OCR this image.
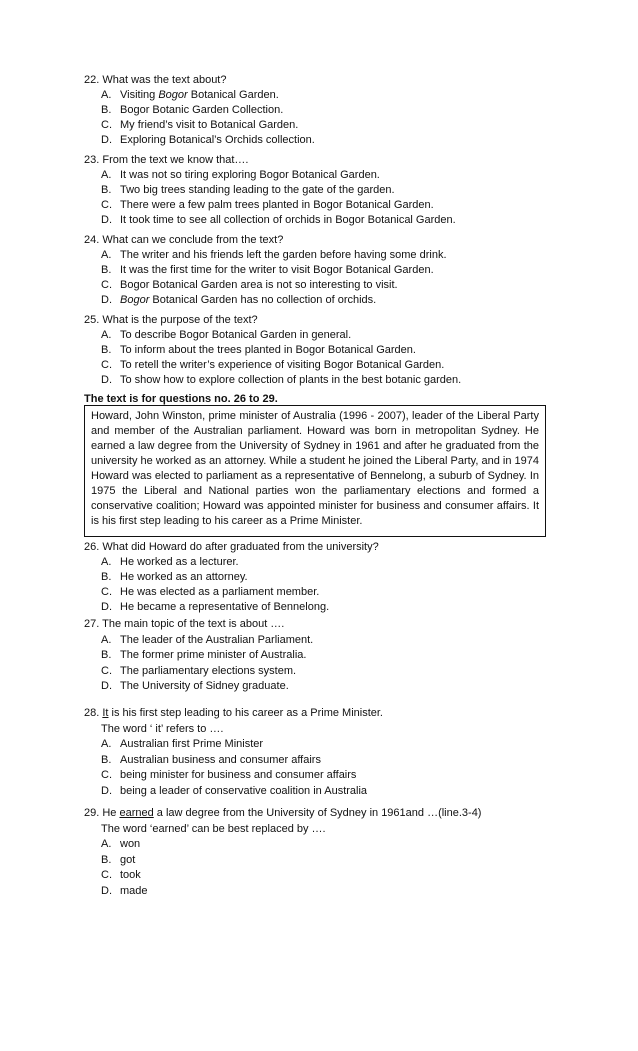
22. What was the text about?
A. Visiting Bogor Botanical Garden.
B. Bogor Botanic Garden Collection.
C. My friend’s visit to Botanical Garden.
D. Exploring Botanical’s Orchids collection.
23. From the text we know that….
A. It was not so tiring exploring Bogor Botanical Garden.
B. Two big trees standing leading to the gate of the garden.
C. There were a few palm trees planted in Bogor Botanical Garden.
D. It took time to see all collection of orchids in Bogor Botanical Garden.
24. What can we conclude from the text?
A. The writer and his friends left the garden before having some drink.
B. It was the first time for the writer to visit Bogor Botanical Garden.
C. Bogor Botanical Garden area is not so interesting to visit.
D. Bogor Botanical Garden has no collection of orchids.
25. What is the purpose of the text?
A. To describe Bogor Botanical Garden in general.
B. To inform about the trees planted in Bogor Botanical Garden.
C. To retell the writer’s experience of visiting Bogor Botanical Garden.
D. To show how to explore collection of plants in the best botanic garden.
The text is for questions no. 26 to 29.
Howard, John Winston, prime minister of Australia (1996 - 2007), leader of the Liberal Party and member of the Australian parliament. Howard was born in metropolitan Sydney. He earned a law degree from the University of Sydney in 1961 and after he graduated from the university he worked as an attorney. While a student he joined the Liberal Party, and in 1974 Howard was elected to parliament as a representative of Bennelong, a suburb of Sydney. In 1975 the Liberal and National parties won the parliamentary elections and formed a conservative coalition; Howard was appointed minister for business and consumer affairs. It is his first step leading to his career as a Prime Minister.
26. What did Howard do after graduated from the university?
A. He worked as a lecturer.
B. He worked as an attorney.
C. He was elected as a parliament member.
D. He became a representative of Bennelong.
27. The main topic of the text is about ….
A. The leader of the Australian Parliament.
B. The former prime minister of Australia.
C. The parliamentary elections system.
D. The University of Sidney graduate.
28. It is his first step leading to his career as a Prime Minister.
The word ‘ it’ refers to ….
A. Australian first Prime Minister
B. Australian business and consumer affairs
C. being minister for business and consumer affairs
D. being a leader of conservative coalition in Australia
29. He earned a law degree from the University of Sydney in 1961and …(line.3-4)
The word ‘earned’ can be best replaced by ….
A. won
B. got
C. took
D. made
